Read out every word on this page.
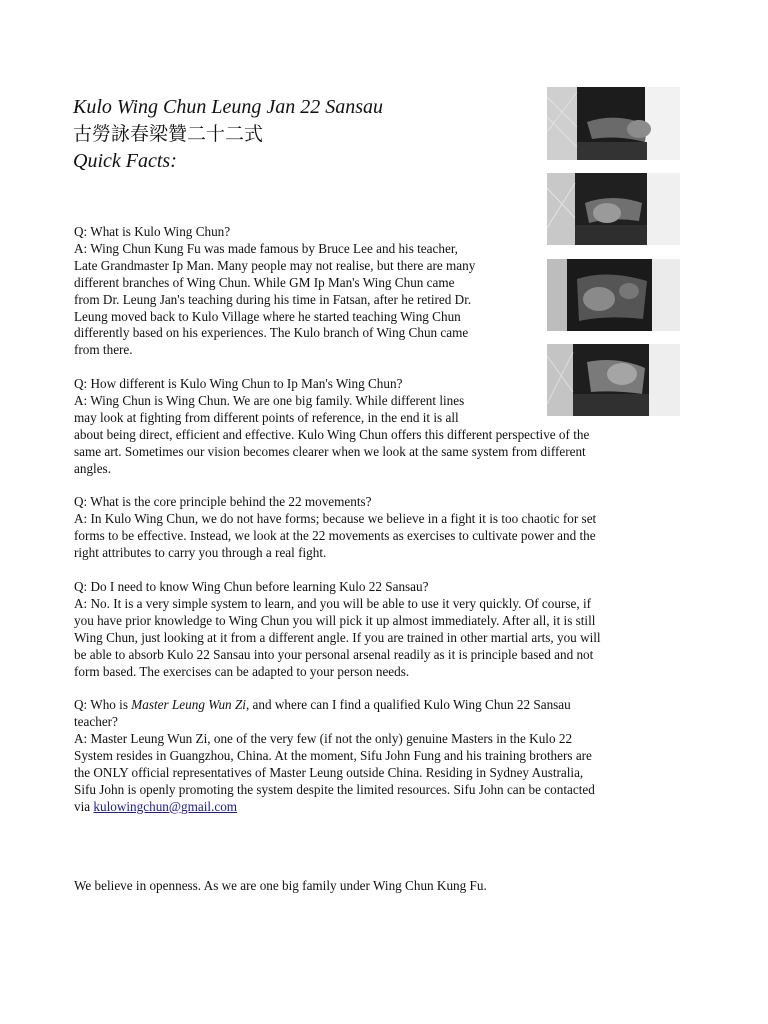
Kulo Wing Chun Leung Jan 22 Sansau
古勞詠春梁贊二十二式
Quick Facts:

Q: What is Kulo Wing Chun?

A: Wing Chun Kung Fu was made famous by Bruce Lee and his teacher,
Late Grandmaster Ip Man. Many people may not realise, but there are many
different branches of Wing Chun. While GM Ip Man's Wing Chun came
from Dr. Leung Jan's teaching during his time in Fatsan, after he retired Dr.
Leung moved back to Kulo Village where he started teaching Wing Chun
differently based on his experiences. The Kulo branch of Wing Chun came
from there.

Q: How different is Kulo Wing Chun to Ip Man's Wing Chun?

A: Wing Chun is Wing Chun. We are one big family. While different lines
may look at fighting from different points of reference, in the end it is all
about being direct, efficient and effective. Kulo Wing Chun offers this different perspective of the
same art. Sometimes our vision becomes clearer when we look at the same system from different
angles.

Q: What is the core principle behind the 22 movements?

A: In Kulo Wing Chun, we do not have forms; because we believe in a fight it is too chaotic for set
forms to be effective. Instead, we look at the 22 movements as exercises to cultivate power and the
right attributes to carry you through a real fight.

Q: Do I need to know Wing Chun before learning Kulo 22 Sansau?

A: No. It is a very simple system to learn, and you will be able to use it very quickly. Of course, if
you have prior knowledge to Wing Chun you will pick it up almost immediately. After all, it is still
Wing Chun, just looking at it from a different angle. If you are trained in other martial arts, you will
be able to absorb Kulo 22 Sansau into your personal arsenal readily as it is principle based and not
form based. The exercises can be adapted to your person needs.

Q: Who is Master Leung Wun Zi, and where can I find a qualified Kulo Wing Chun 22 Sansau
teacher?

A: Master Leung Wun Zi, one of the very few (if not the only) genuine Masters in the Kulo 22
System resides in Guangzhou, China. At the moment, Sifu John Fung and his training brothers are
the ONLY official representatives of Master Leung outside China. Residing in Sydney Australia,
Sifu John is openly promoting the system despite the limited resources. Sifu John can be contacted
via kulowingchun@gmail.com

We believe in openness. As we are one big family under Wing Chun Kung Fu.
